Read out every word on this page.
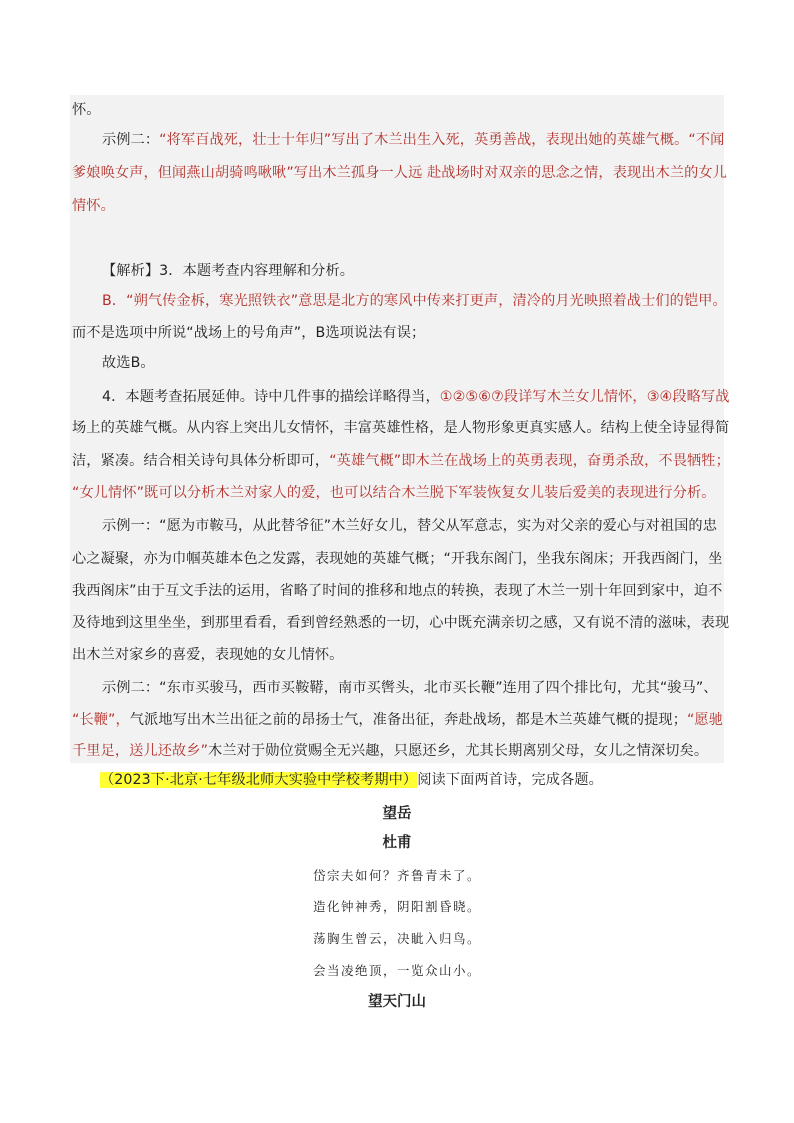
怀。
示例二：“将军百战死，壮士十年归”写出了木兰出生入死，英勇善战，表现出她的英雄气概。“不闻
爹娘唤女声，但闻燕山胡骑鸣啾啾”写出木兰孤身一人远 赴战场时对双亲的思念之情，表现出木兰的女儿
情怀。
【解析】3．本题考查内容理解和分析。
B．“朔气传金柝，寒光照铁衣”意思是北方的寒风中传来打更声，清冷的月光映照着战士们的铠甲。
而不是选项中所说“战场上的号角声”，B选项说法有误；
故选B。
4．本题考查拓展延伸。诗中几件事的描绘详略得当，①②⑤⑥⑦段详写木兰女儿情怀，③④段略写战
场上的英雄气概。从内容上突出儿女情怀，丰富英雄性格，是人物形象更真实感人。结构上使全诗显得简
洁，紧凑。结合相关诗句具体分析即可，“英雄气概”即木兰在战场上的英勇表现，奋勇杀敌，不畏牺牲；
“女儿情怀”既可以分析木兰对家人的爱，也可以结合木兰脱下军装恢复女儿装后爱美的表现进行分析。
示例一：“愿为市鞍马，从此替爷征”木兰好女儿，替父从军意志，实为对父亲的爱心与对祖国的忠
心之凝聚，亦为巾帼英雄本色之发露，表现她的英雄气概；“开我东阁门，坐我东阁床；开我西阁门，坐
我西阁床”由于互文手法的运用，省略了时间的推移和地点的转换，表现了木兰一别十年回到家中，迫不
及待地到这里坐坐，到那里看看，看到曾经熟悉的一切，心中既充满亲切之感，又有说不清的滋味，表现
出木兰对家乡的喜爱，表现她的女儿情怀。
示例二：“东市买骏马，西市买鞍鞯，南市买辔头，北市买长鞭”连用了四个排比句，尤其“骏马”、
“长鞭”，气派地写出木兰出征之前的昂扬士气，准备出征，奔赴战场，都是木兰英雄气概的提现；“愿驰
千里足，送儿还故乡”木兰对于勋位赏赐全无兴趣，只愿还乡，尤其长期离别父母，女儿之情深切矣。
（2023下·北京·七年级北师大实验中学校考期中）阅读下面两首诗，完成各题。
望岳
杜甫
岱宗夫如何？齐鲁青未了。
造化钟神秀，阴阳割昏晓。
荡胸生曾云，决眦入归鸟。
会当凌绝顶，一览众山小。
望天门山
